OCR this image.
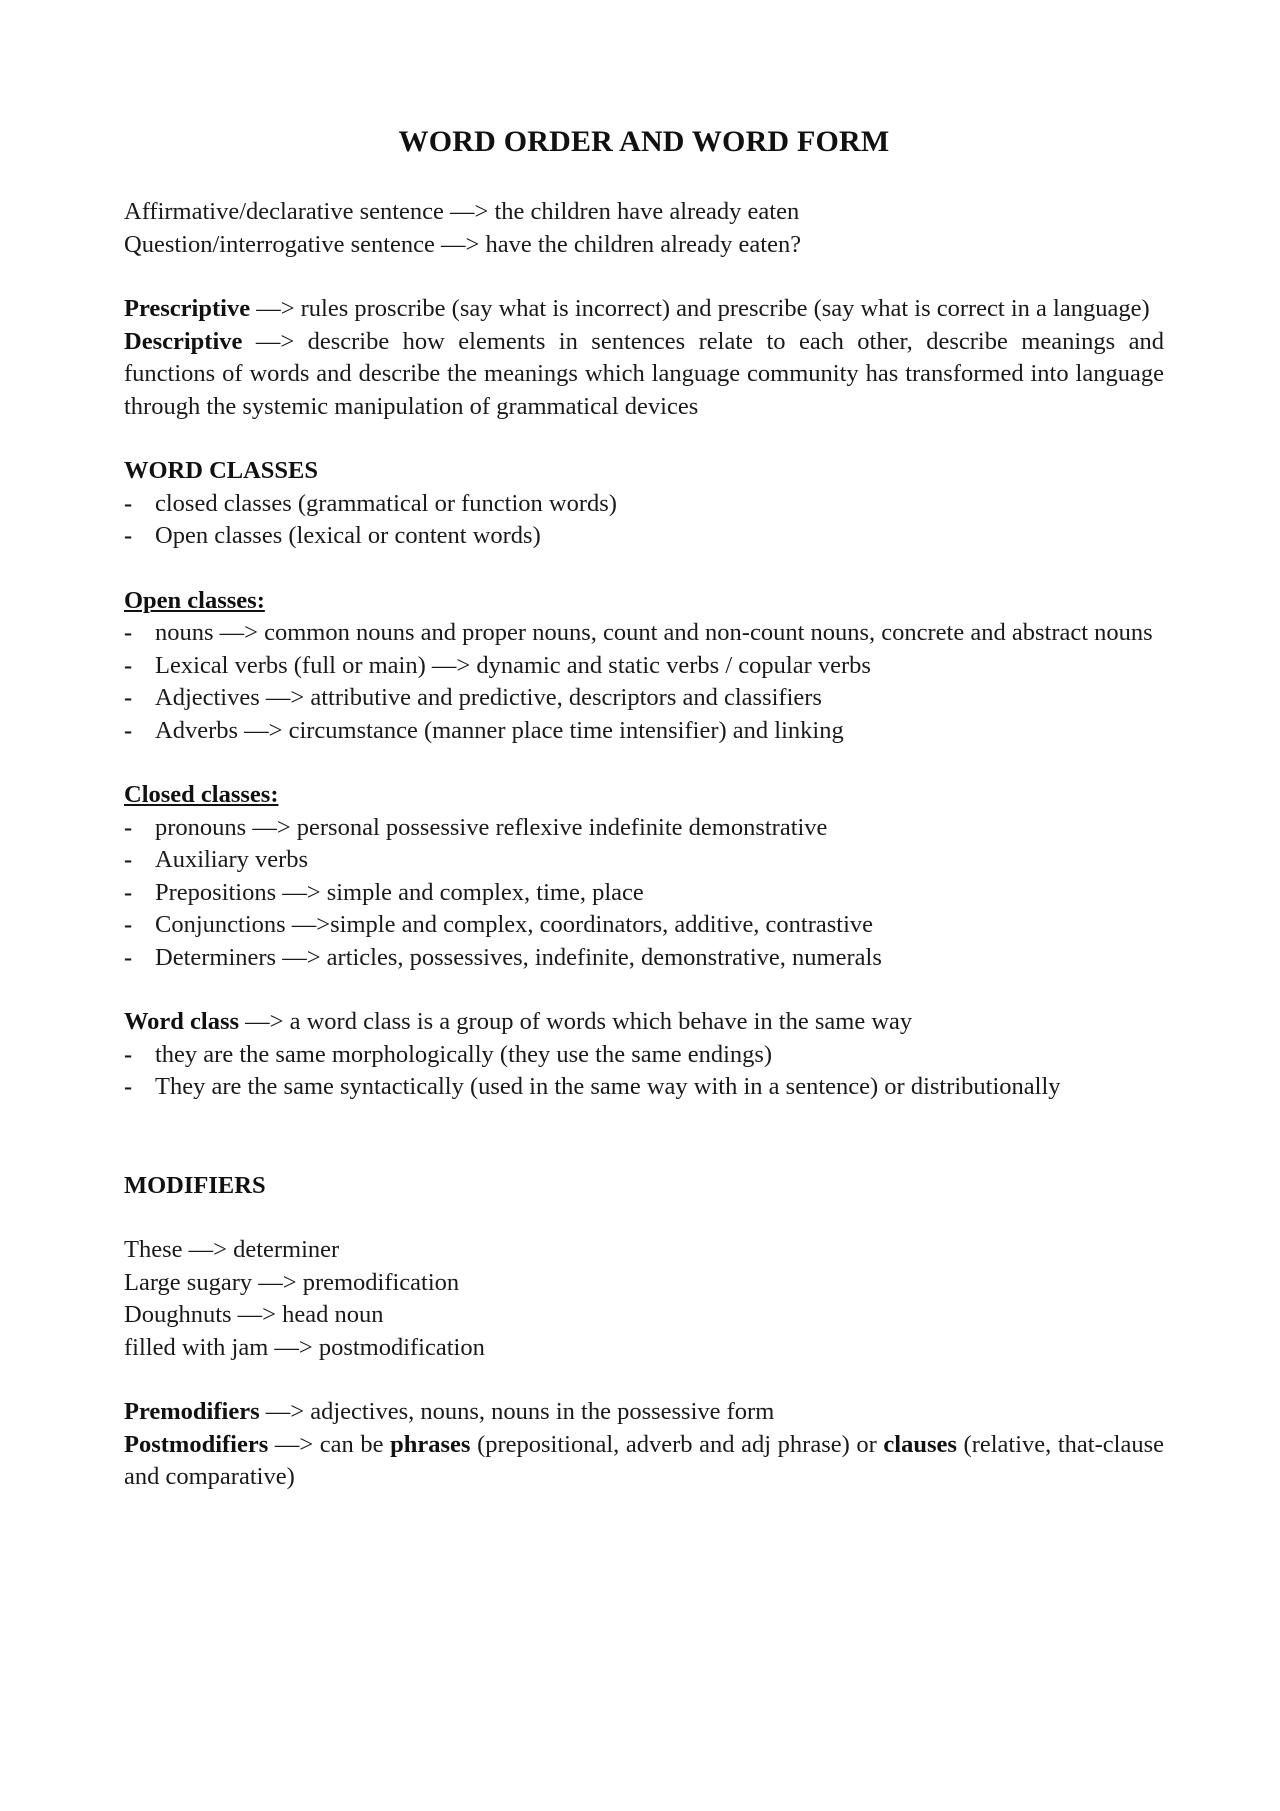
WORD ORDER AND WORD FORM

Affirmative/declarative sentence —> the children have already eaten

Question/interrogative sentence —> have the children already eaten?

Prescriptive —> rules proscribe (say what is incorrect) and prescribe (say what is correct in a language)

Descriptive —> describe how elements in sentences relate to each other, describe meanings and functions of words and describe the meanings which language community has transformed into language through the systemic manipulation of grammatical devices

WORD CLASSES

- closed classes (grammatical or function words)
- Open classes (lexical or content words)

Open classes:

- nouns —> common nouns and proper nouns, count and non-count nouns, concrete and abstract nouns
- Lexical verbs (full or main) —> dynamic and static verbs / copular verbs
- Adjectives —> attributive and predictive, descriptors and classifiers
- Adverbs —> circumstance (manner place time intensifier) and linking

Closed classes:

- pronouns —> personal possessive reflexive indefinite demonstrative
- Auxiliary verbs
- Prepositions —> simple and complex, time, place
- Conjunctions —>simple and complex, coordinators, additive, contrastive
- Determiners —> articles, possessives, indefinite, demonstrative, numerals

Word class —> a word class is a group of words which behave in the same way

- they are the same morphologically (they use the same endings)
- They are the same syntactically (used in the same way with in a sentence) or distributionally

MODIFIERS

These —> determiner

Large sugary —> premodification

Doughnuts —> head noun

filled with jam —> postmodification

Premodifiers —> adjectives, nouns, nouns in the possessive form

Postmodifiers —> can be phrases (prepositional, adverb and adj phrase) or clauses (relative, that-clause and comparative)
